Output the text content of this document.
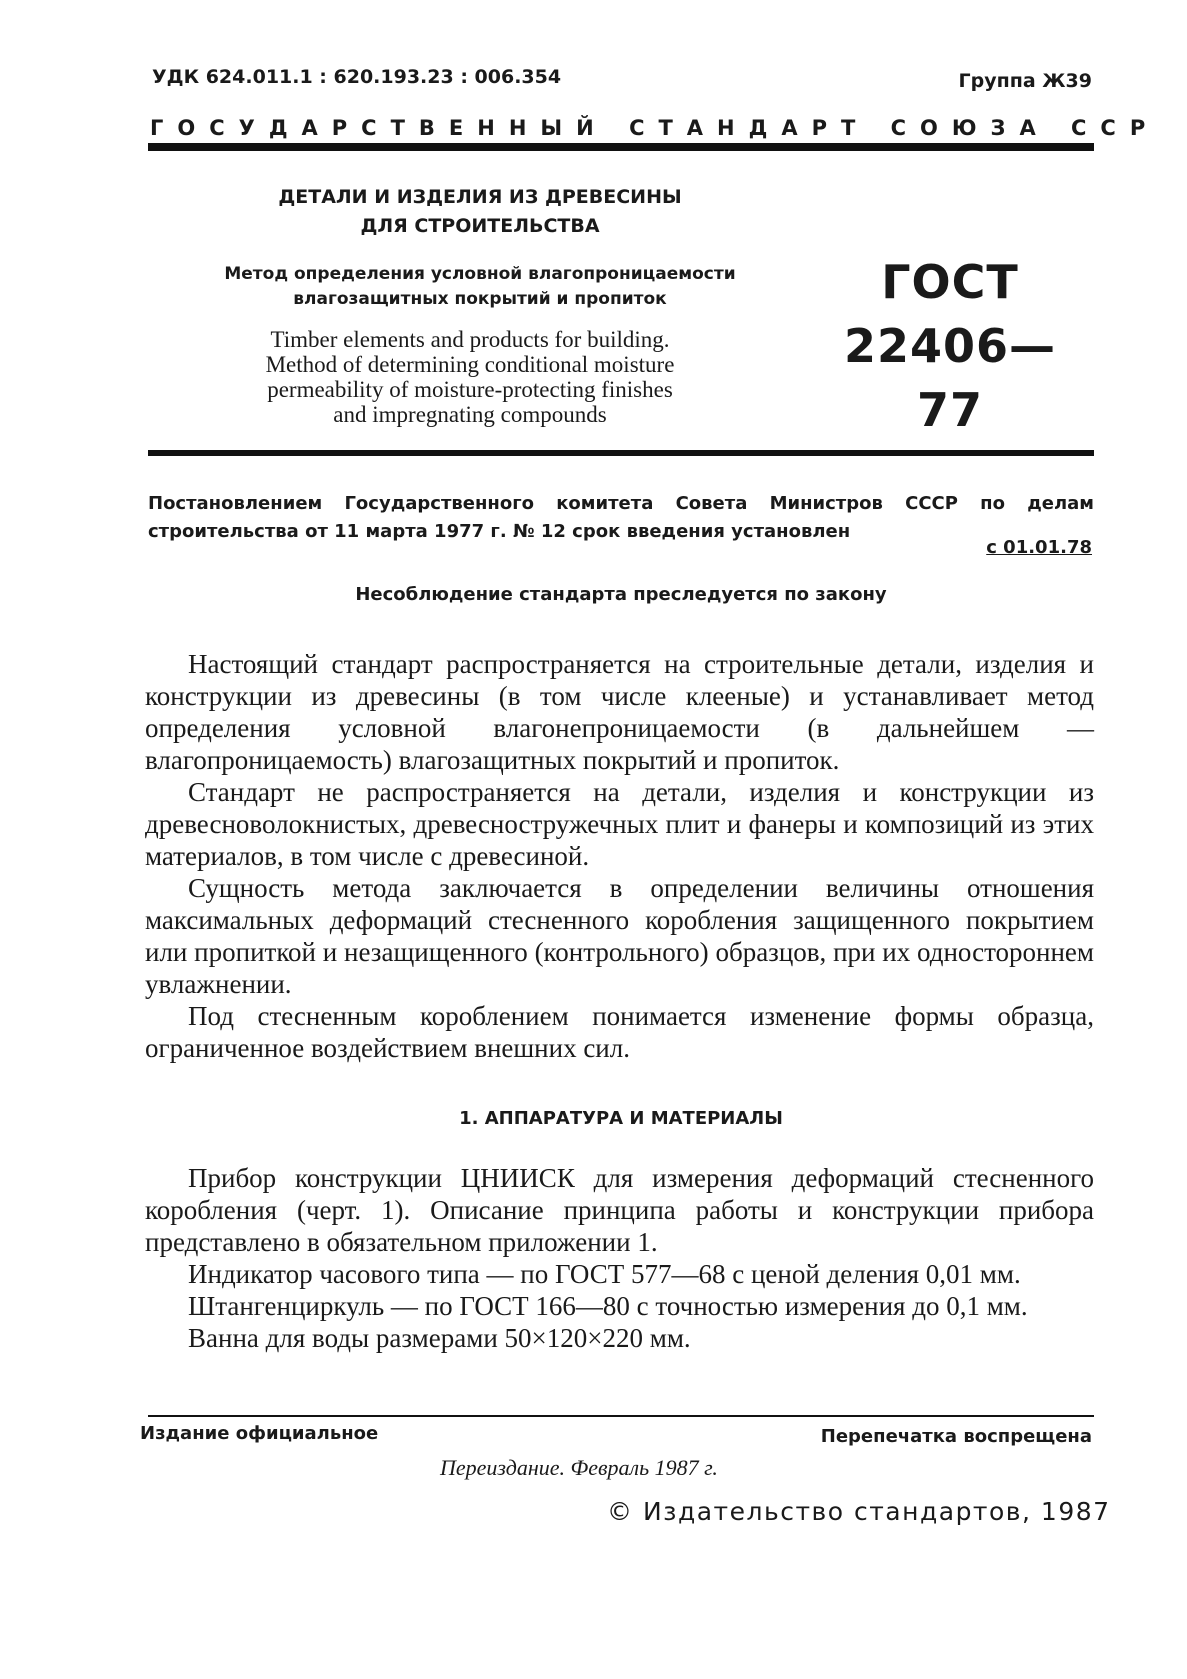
УДК 624.011.1 : 620.193.23 : 006.354	Группа Ж39
ГОСУДАРСТВЕННЫЙ СТАНДАРТ СОЮЗА ССР
ДЕТАЛИ И ИЗДЕЛИЯ ИЗ ДРЕВЕСИНЫ
ДЛЯ СТРОИТЕЛЬСТВА
Метод определения условной влагопроницаемости
влагозащитных покрытий и пропиток
Timber elements and products for building.
Method of determining conditional moisture
permeability of moisture-protecting finishes
and impregnating compounds
ГОСТ
22406—77
Постановлением Государственного комитета Совета Министров СССР по делам строительства от 11 марта 1977 г. № 12 срок введения установлен
с 01.01.78
Несоблюдение стандарта преследуется по закону

Настоящий стандарт распространяется на строительные детали, изделия и конструкции из древесины (в том числе клееные) и устанавливает метод определения условной влагонепроницаемости (в дальнейшем — влагопроницаемость) влагозащитных покрытий и пропиток.

Стандарт не распространяется на детали, изделия и конструкции из древесноволокнистых, древесностружечных плит и фанеры и композиций из этих материалов, в том числе с древесиной.

Сущность метода заключается в определении величины отношения максимальных деформаций стесненного коробления защищенного покрытием или пропиткой и незащищенного (контрольного) образцов, при их одностороннем увлажнении.

Под стесненным короблением понимается изменение формы образца, ограниченное воздействием внешних сил.

1. АППАРАТУРА И МАТЕРИАЛЫ

Прибор конструкции ЦНИИСК для измерения деформаций стесненного коробления (черт. 1). Описание принципа работы и конструкции прибора представлено в обязательном приложении 1.

Индикатор часового типа — по ГОСТ 577—68 с ценой деления 0,01 мм.

Штангенциркуль — по ГОСТ 166—80 с точностью измерения до 0,1 мм.

Ванна для воды размерами 50×120×220 мм.

Издание официальное	Перепечатка воспрещена
Переиздание. Февраль 1987 г.
© Издательство стандартов, 1987
